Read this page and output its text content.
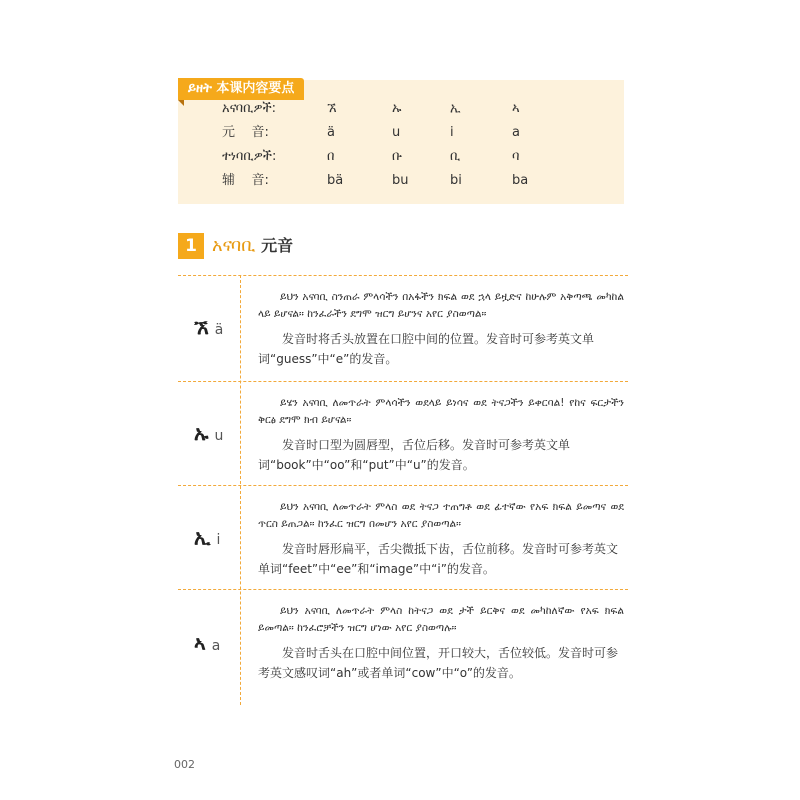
ይዘት 本课内容要点
አናባቢዎች:	ኧ	ኡ	ኢ	ኣ
元    音:	ä	u	i	a
ተነባቢዎች:	በ	ቡ	ቢ	ባ
辅    音:	bä	bu	bi	ba
1 አናባቢ 元音
ኧ ä

ይህን አናባቢ ስንጠራ ምላሳችን በአፋችን ክፍል ወደ ኋላ ይዟድና ከሁሉም አቅጣጫ መካከል ላይ ይሆናል። ከንፈራችን ደግሞ ዝርግ ይሆንና አየር ያስወጣል።

发音时将舌头放置在口腔中间的位置。发音时可参考英文单词“guess”中“e”的发音。

ኡ u

ይሄን አናባቢ ለመጥራት ምላሳችን ወደላይ ይነሳና ወደ ትናጋችን ይቀርባል! የከና ፍርታችን ቅርፅ ደግሞ ክብ ይሆናል።

发音时口型为圆唇型，舌位后移。发音时可参考英文单词“book”中“oo”和“put”中“u”的发音。

ኢ i

ይህን አናባቢ ለመጥራት ምላስ ወደ ትናጋ ተጠግቶ ወደ ፊተኛው የአፍ ክፍል ይመጣና ወደ ጥርስ ይጠጋል። ከንፈር ዝርግ በመሆን አየር ያስወጣል።

发音时唇形扁平，舌尖微抵下齿，舌位前移。发音时可参考英文单词“feet”中“ee”和“image”中“i”的发音。

ኣ a

ይህን አናባቢ ለመጥራት ምላስ ከትናጋ ወደ ታች ይርቅና ወደ መካከለኛው የአፍ ክፍል ይመጣል። ከንፈሮቻችን ዝርግ ሆነው አየር ያስወጣሉ።

发音时舌头在口腔中间位置，开口较大，舌位较低。发音时可参考英文感叹词“ah”或者单词“cow”中“o”的发音。

002
